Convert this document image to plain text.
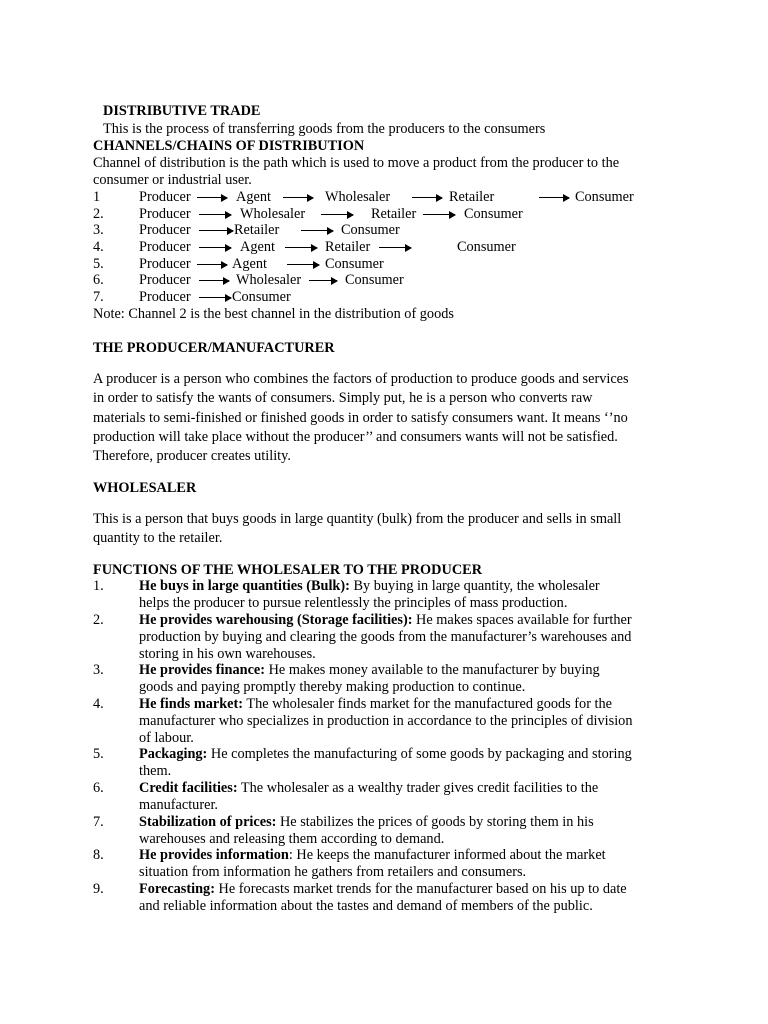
DISTRIBUTIVE TRADE
This is the process of transferring goods from the producers to the consumers
CHANNELS/CHAINS OF DISTRIBUTION
Channel of distribution is the path which is used to move a product from the producer to the
consumer or industrial user.
1	Producer	Agent	Wholesaler	Retailer	Consumer
2. Producer	Wholesaler	Retailer	Consumer
3. Producer	Retailer	Consumer
4. Producer	Agent	Retailer	Consumer
5. Producer	Agent	Consumer
6. Producer	Wholesaler	Consumer
7. Producer	Consumer
Note: Channel 2 is the best channel in the distribution of goods
THE PRODUCER/MANUFACTURER
A producer is a person who combines the factors of production to produce goods and services
in order to satisfy the wants of consumers. Simply put, he is a person who converts raw
materials to semi-finished or finished goods in order to satisfy consumers want. It means ‘’no
production will take place without the producer’’ and consumers wants will not be satisfied.
Therefore, producer creates utility.
WHOLESALER
This is a person that buys goods in large quantity (bulk) from the producer and sells in small
quantity to the retailer.
FUNCTIONS OF THE WHOLESALER TO THE PRODUCER
1. He buys in large quantities (Bulk): By buying in large quantity, the wholesaler
helps the producer to pursue relentlessly the principles of mass production.
2. He provides warehousing (Storage facilities): He makes spaces available for further
production by buying and clearing the goods from the manufacturer’s warehouses and
storing in his own warehouses.
3. He provides finance: He makes money available to the manufacturer by buying
goods and paying promptly thereby making production to continue.
4. He finds market: The wholesaler finds market for the manufactured goods for the
manufacturer who specializes in production in accordance to the principles of division
of labour.
5. Packaging: He completes the manufacturing of some goods by packaging and storing
them.
6. Credit facilities: The wholesaler as a wealthy trader gives credit facilities to the
manufacturer.
7. Stabilization of prices: He stabilizes the prices of goods by storing them in his
warehouses and releasing them according to demand.
8. He provides information: He keeps the manufacturer informed about the market
situation from information he gathers from retailers and consumers.
9. Forecasting: He forecasts market trends for the manufacturer based on his up to date
and reliable information about the tastes and demand of members of the public.
